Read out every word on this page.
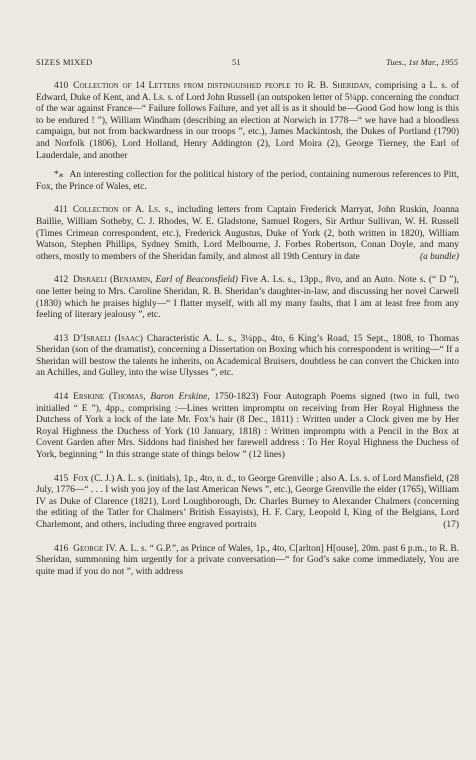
SIZES MIXED	51	Tues., 1st Mar., 1955

410 Collection of 14 Letters from distinguished people to R. B. Sheridan, comprising a L. s. of Edward, Duke of Kent, and A. Ls. s. of Lord John Russell (an outspoken letter of 5¼pp. concerning the conduct of the war against France—“ Failure follows Failure, and yet all is as it should be—Good God how long is this to be endured ! ”), William Windham (describing an election at Norwich in 1778—“ we have had a bloodless campaign, but not from backwardness in our troops ”, etc.), James Mackintosh, the Dukes of Portland (1790) and Norfolk (1806), Lord Holland, Henry Addington (2), Lord Moira (2), George Tierney, the Earl of Lauderdale, and another

*⁎ An interesting collection for the political history of the period, containing numerous references to Pitt, Fox, the Prince of Wales, etc.

411 Collection of A. Ls. s., including letters from Captain Frederick Marryat, John Ruskin, Joanna Baillie, William Sotheby, C. J. Rhodes, W. E. Gladstone, Samuel Rogers, Sir Arthur Sullivan, W. H. Russell (Times Crimean correspondent, etc.), Frederick Augustus, Duke of York (2, both written in 1820), William Watson, Stephen Phillips, Sydney Smith, Lord Melbourne, J. Forbes Robertson, Conan Doyle, and many others, mostly to members of the Sheridan family, and almost all 19th Century in date	(a bundle)

412 Disraeli (Benjamin, Earl of Beaconsfield) Five A. Ls. s., 13pp., 8vo, and an Auto. Note s. (“ D ”), one letter being to Mrs. Caroline Sheridan, R. B. Sheridan’s daughter-in-law, and discussing her novel Carwell (1830) which he praises highly—“ I flatter myself, with all my many faults, that I am at least free from any feeling of literary jealousy ”, etc.

413 D’Israeli (Isaac) Characteristic A. L. s., 3¼pp., 4to, 6 King’s Road, 15 Sept., 1808, to Thomas Sheridan (son of the dramatist), concerning a Dissertation on Boxing which his correspondent is writing—“ If a Sheridan will bestow the talents he inherits, on Academical Bruisers, doubtless he can convert the Chicken into an Achilles, and Gulley, into the wise Ulysses ”, etc.

414 Erskine (Thomas, Baron Erskine, 1750-1823) Four Autograph Poems signed (two in full, two initialled “ E ”), 4pp., comprising :—Lines written impromptu on receiving from Her Royal Highness the Dutchess of York a lock of the late Mr. Fox’s hair (8 Dec., 1811) : Written under a Clock given me by Her Royal Highness the Duchess of York (10 January, 1818) : Written impromptu with a Pencil in the Box at Covent Garden after Mrs. Siddons had finished her farewell address : To Her Royal Highness the Duchess of York, beginning “ In this strange state of things below ” (12 lines)

415 Fox (C. J.) A. L. s. (initials), 1p., 4to, n. d., to George Grenville ; also A. Ls. s. of Lord Mansfield, (28 July, 1776—“ . . . I wish you joy of the last American News ”, etc.), George Grenville the elder (1765), William IV as Duke of Clarence (1821), Lord Loughborough, Dr. Charles Burney to Alexander Chalmers (concerning the editing of the Tatler for Chalmers’ British Essayists), H. F. Cary, Leopold I, King of the Belgians, Lord Charlemont, and others, including three engraved portraits	(17)

416 George IV. A. L. s. “ G.P.”, as Prince of Wales, 1p., 4to, C[arlton] H[ouse], 20m. past 6 p.m., to R. B. Sheridan, summoning him urgently for a private conversation—“ for God’s sake come immediately, You are quite mad if you do not ”, with address
